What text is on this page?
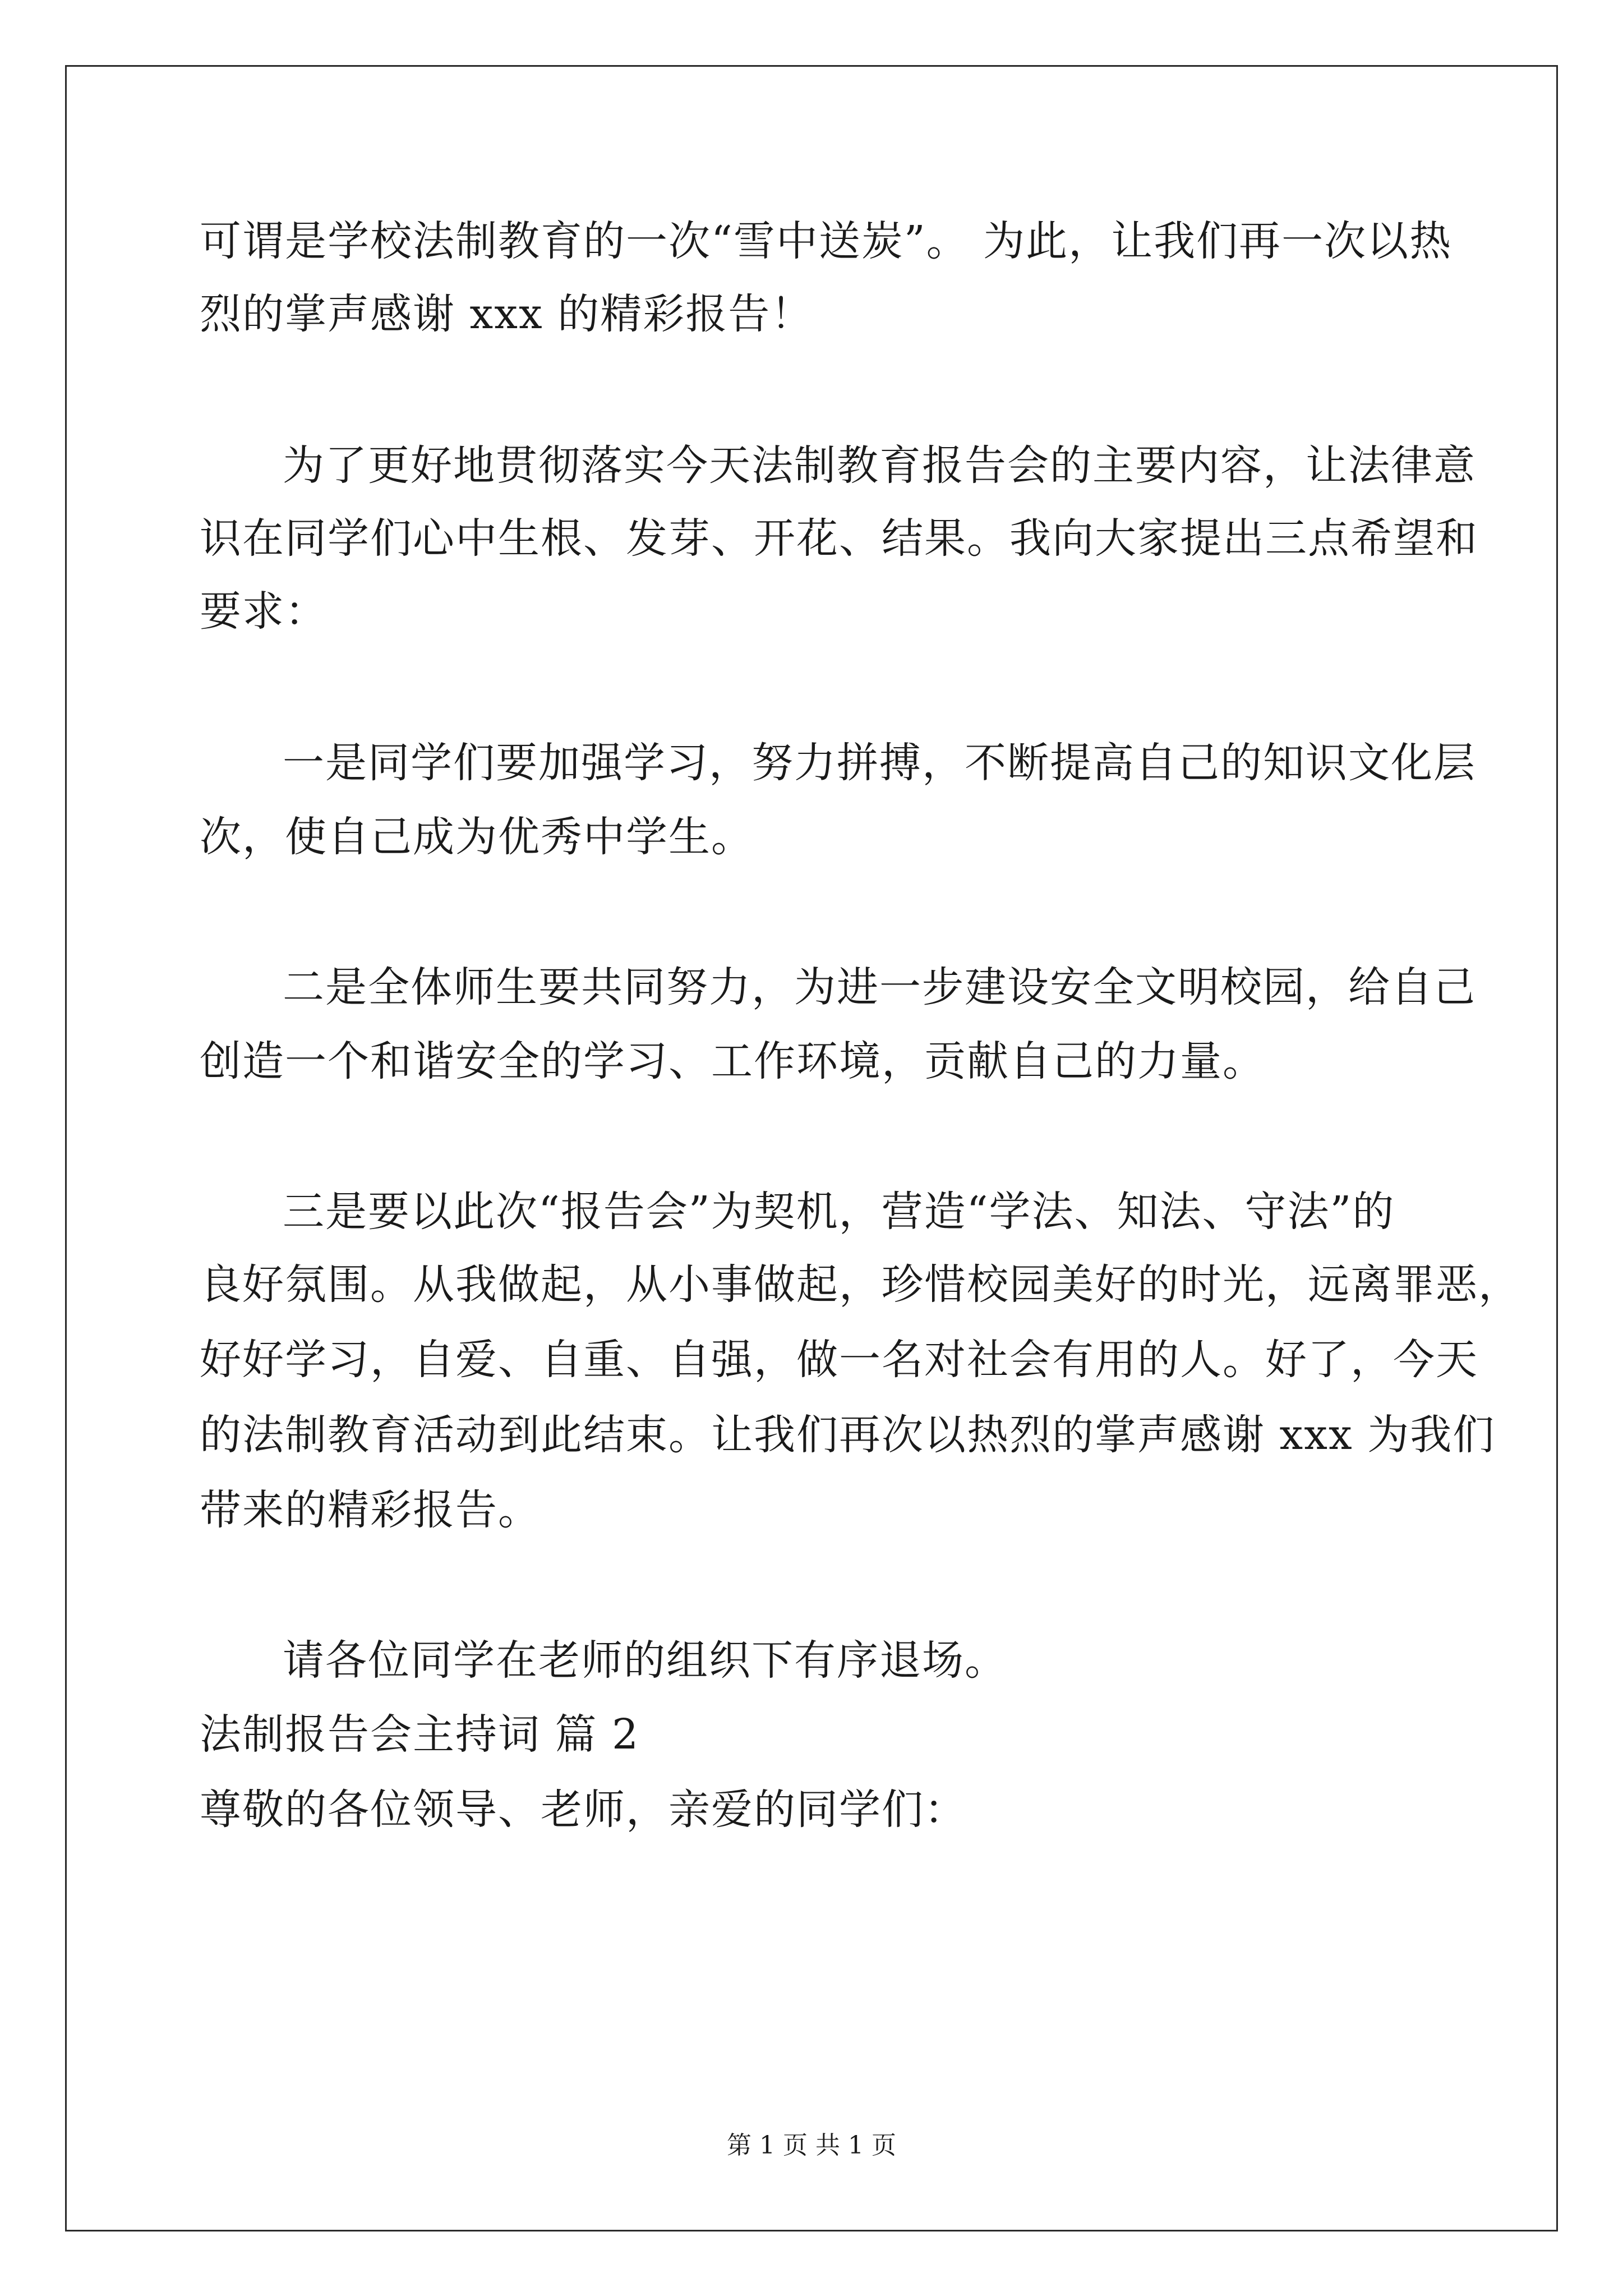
可谓是学校法制教育的一次“雪中送炭”。 为此，让我们再一次以热
烈的掌声感谢 xxx 的精彩报告！
为了更好地贯彻落实今天法制教育报告会的主要内容，让法律意
识在同学们心中生根、发芽、开花、结果。我向大家提出三点希望和
要求：
一是同学们要加强学习，努力拼搏，不断提高自己的知识文化层
次，使自己成为优秀中学生。
二是全体师生要共同努力，为进一步建设安全文明校园，给自己
创造一个和谐安全的学习、工作环境，贡献自己的力量。
三是要以此次“报告会”为契机，营造“学法、知法、守法”的
良好氛围。从我做起，从小事做起，珍惜校园美好的时光，远离罪恶，
好好学习，自爱、自重、自强，做一名对社会有用的人。好了，今天
的法制教育活动到此结束。让我们再次以热烈的掌声感谢 xxx 为我们
带来的精彩报告。
请各位同学在老师的组织下有序退场。
法制报告会主持词 篇 2
尊敬的各位领导、老师，亲爱的同学们：
第 1 页 共 1 页
